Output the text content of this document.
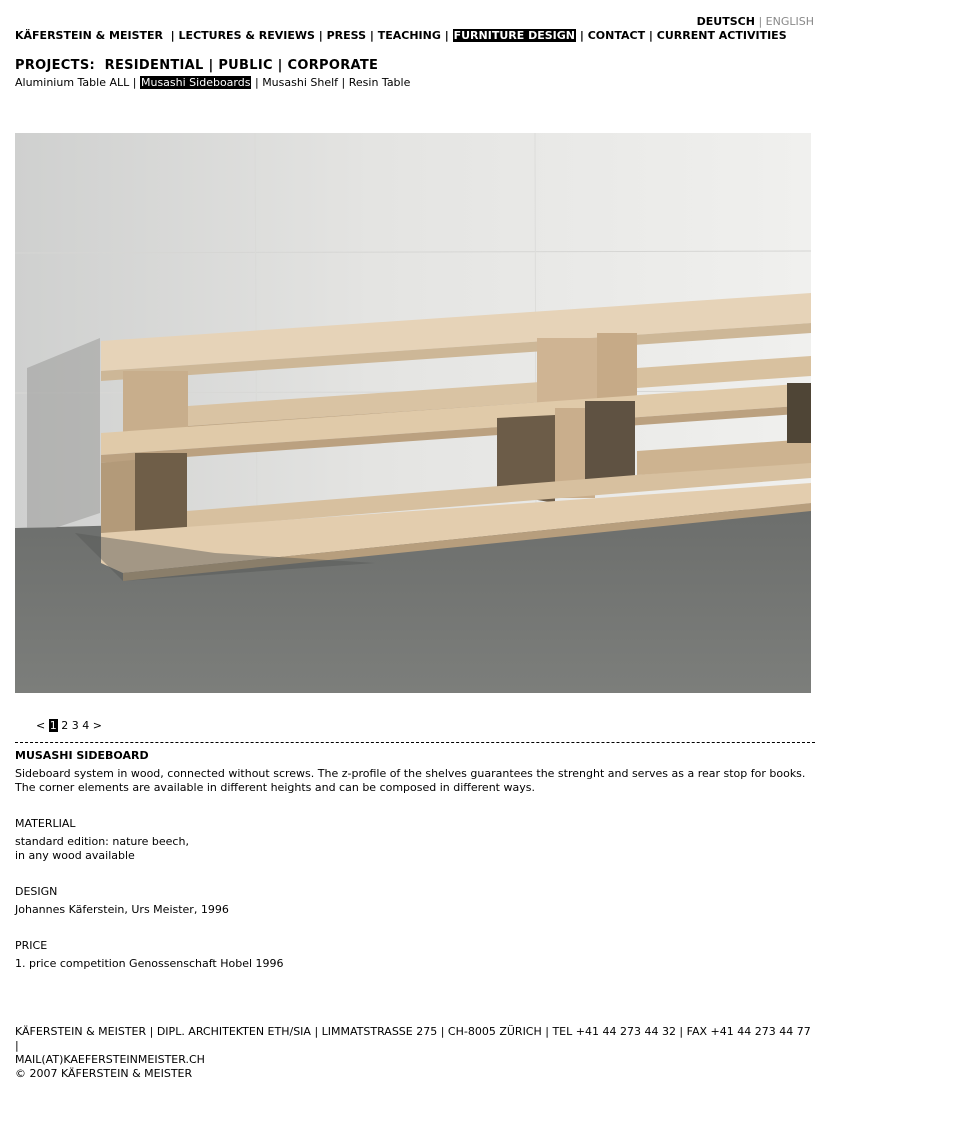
DEUTSCH | ENGLISH
KÄFERSTEIN & MEISTER | LECTURES & REVIEWS | PRESS | TEACHING | FURNITURE DESIGN | CONTACT | CURRENT ACTIVITIES
PROJECTS: RESIDENTIAL | PUBLIC | CORPORATE
Aluminium Table ALL | Musashi Sideboards | Musashi Shelf | Resin Table
< 1 2 3 4 >
MUSASHI SIDEBOARD

Sideboard system in wood, connected without screws. The z-profile of the shelves guarantees the strenght and serves as a rear stop for books. The corner elements are available in different heights and can be composed in different ways.

MATERLIAL

standard edition: nature beech,

in any wood available

DESIGN

Johannes Käferstein, Urs Meister, 1996

PRICE

1. price competition Genossenschaft Hobel 1996

KÄFERSTEIN & MEISTER | DIPL. ARCHITEKTEN ETH/SIA | LIMMATSTRASSE 275 | CH-8005 ZÜRICH | TEL +41 44 273 44 32 | FAX +41 44 273 44 77 |
MAIL(AT)KAEFERSTEINMEISTER.CH
© 2007 KÄFERSTEIN & MEISTER
